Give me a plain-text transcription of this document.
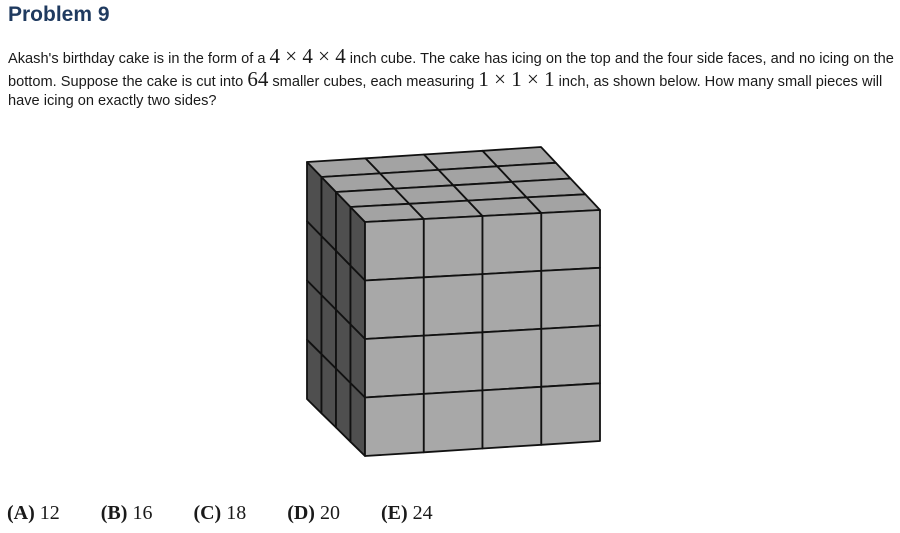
Problem 9
Akash's birthday cake is in the form of a 4 × 4 × 4 inch cube. The cake has icing on the top and the four side faces, and no icing on the bottom. Suppose the cake is cut into 64 smaller cubes, each measuring 1 × 1 × 1 inch, as shown below. How many small pieces will have icing on exactly two sides?
(A) 12 (B) 16 (C) 18 (D) 20 (E) 24
